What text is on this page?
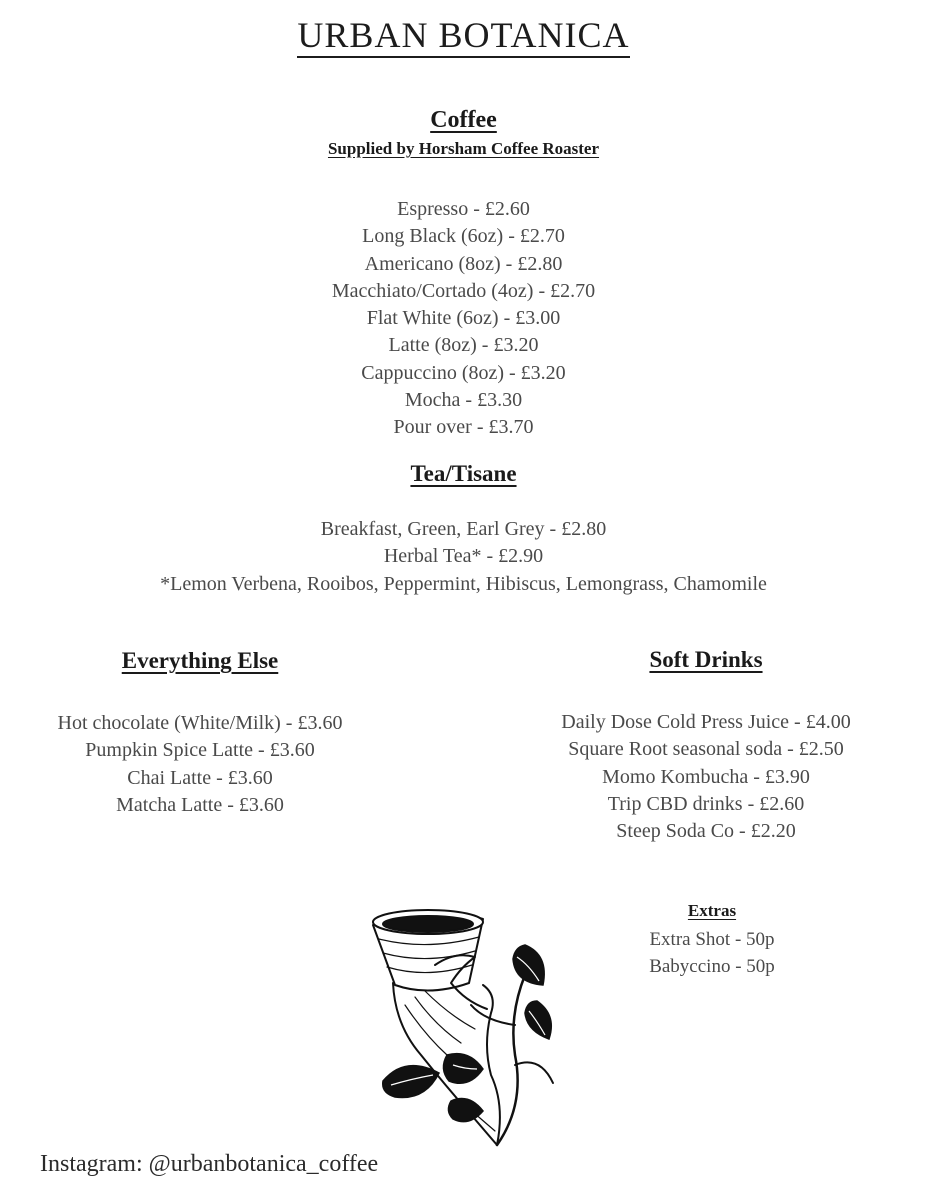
URBAN BOTANICA
Coffee
Supplied by Horsham Coffee Roaster
Espresso - £2.60
Long Black (6oz) - £2.70
Americano (8oz) - £2.80
Macchiato/Cortado (4oz) - £2.70
Flat White (6oz) - £3.00
Latte (8oz) - £3.20
Cappuccino (8oz) - £3.20
Mocha - £3.30
Pour over - £3.70
Tea/Tisane
Breakfast, Green, Earl Grey - £2.80
Herbal Tea* - £2.90
*Lemon Verbena, Rooibos, Peppermint, Hibiscus, Lemongrass, Chamomile
Everything Else
Hot chocolate (White/Milk) - £3.60
Pumpkin Spice Latte - £3.60
Chai Latte - £3.60
Matcha Latte - £3.60
Soft Drinks
Daily Dose Cold Press Juice - £4.00
Square Root seasonal soda - £2.50
Momo Kombucha - £3.90
Trip CBD drinks - £2.60
Steep Soda Co - £2.20
Extras
Extra Shot - 50p
Babyccino - 50p
Instagram: @urbanbotanica_coffee
